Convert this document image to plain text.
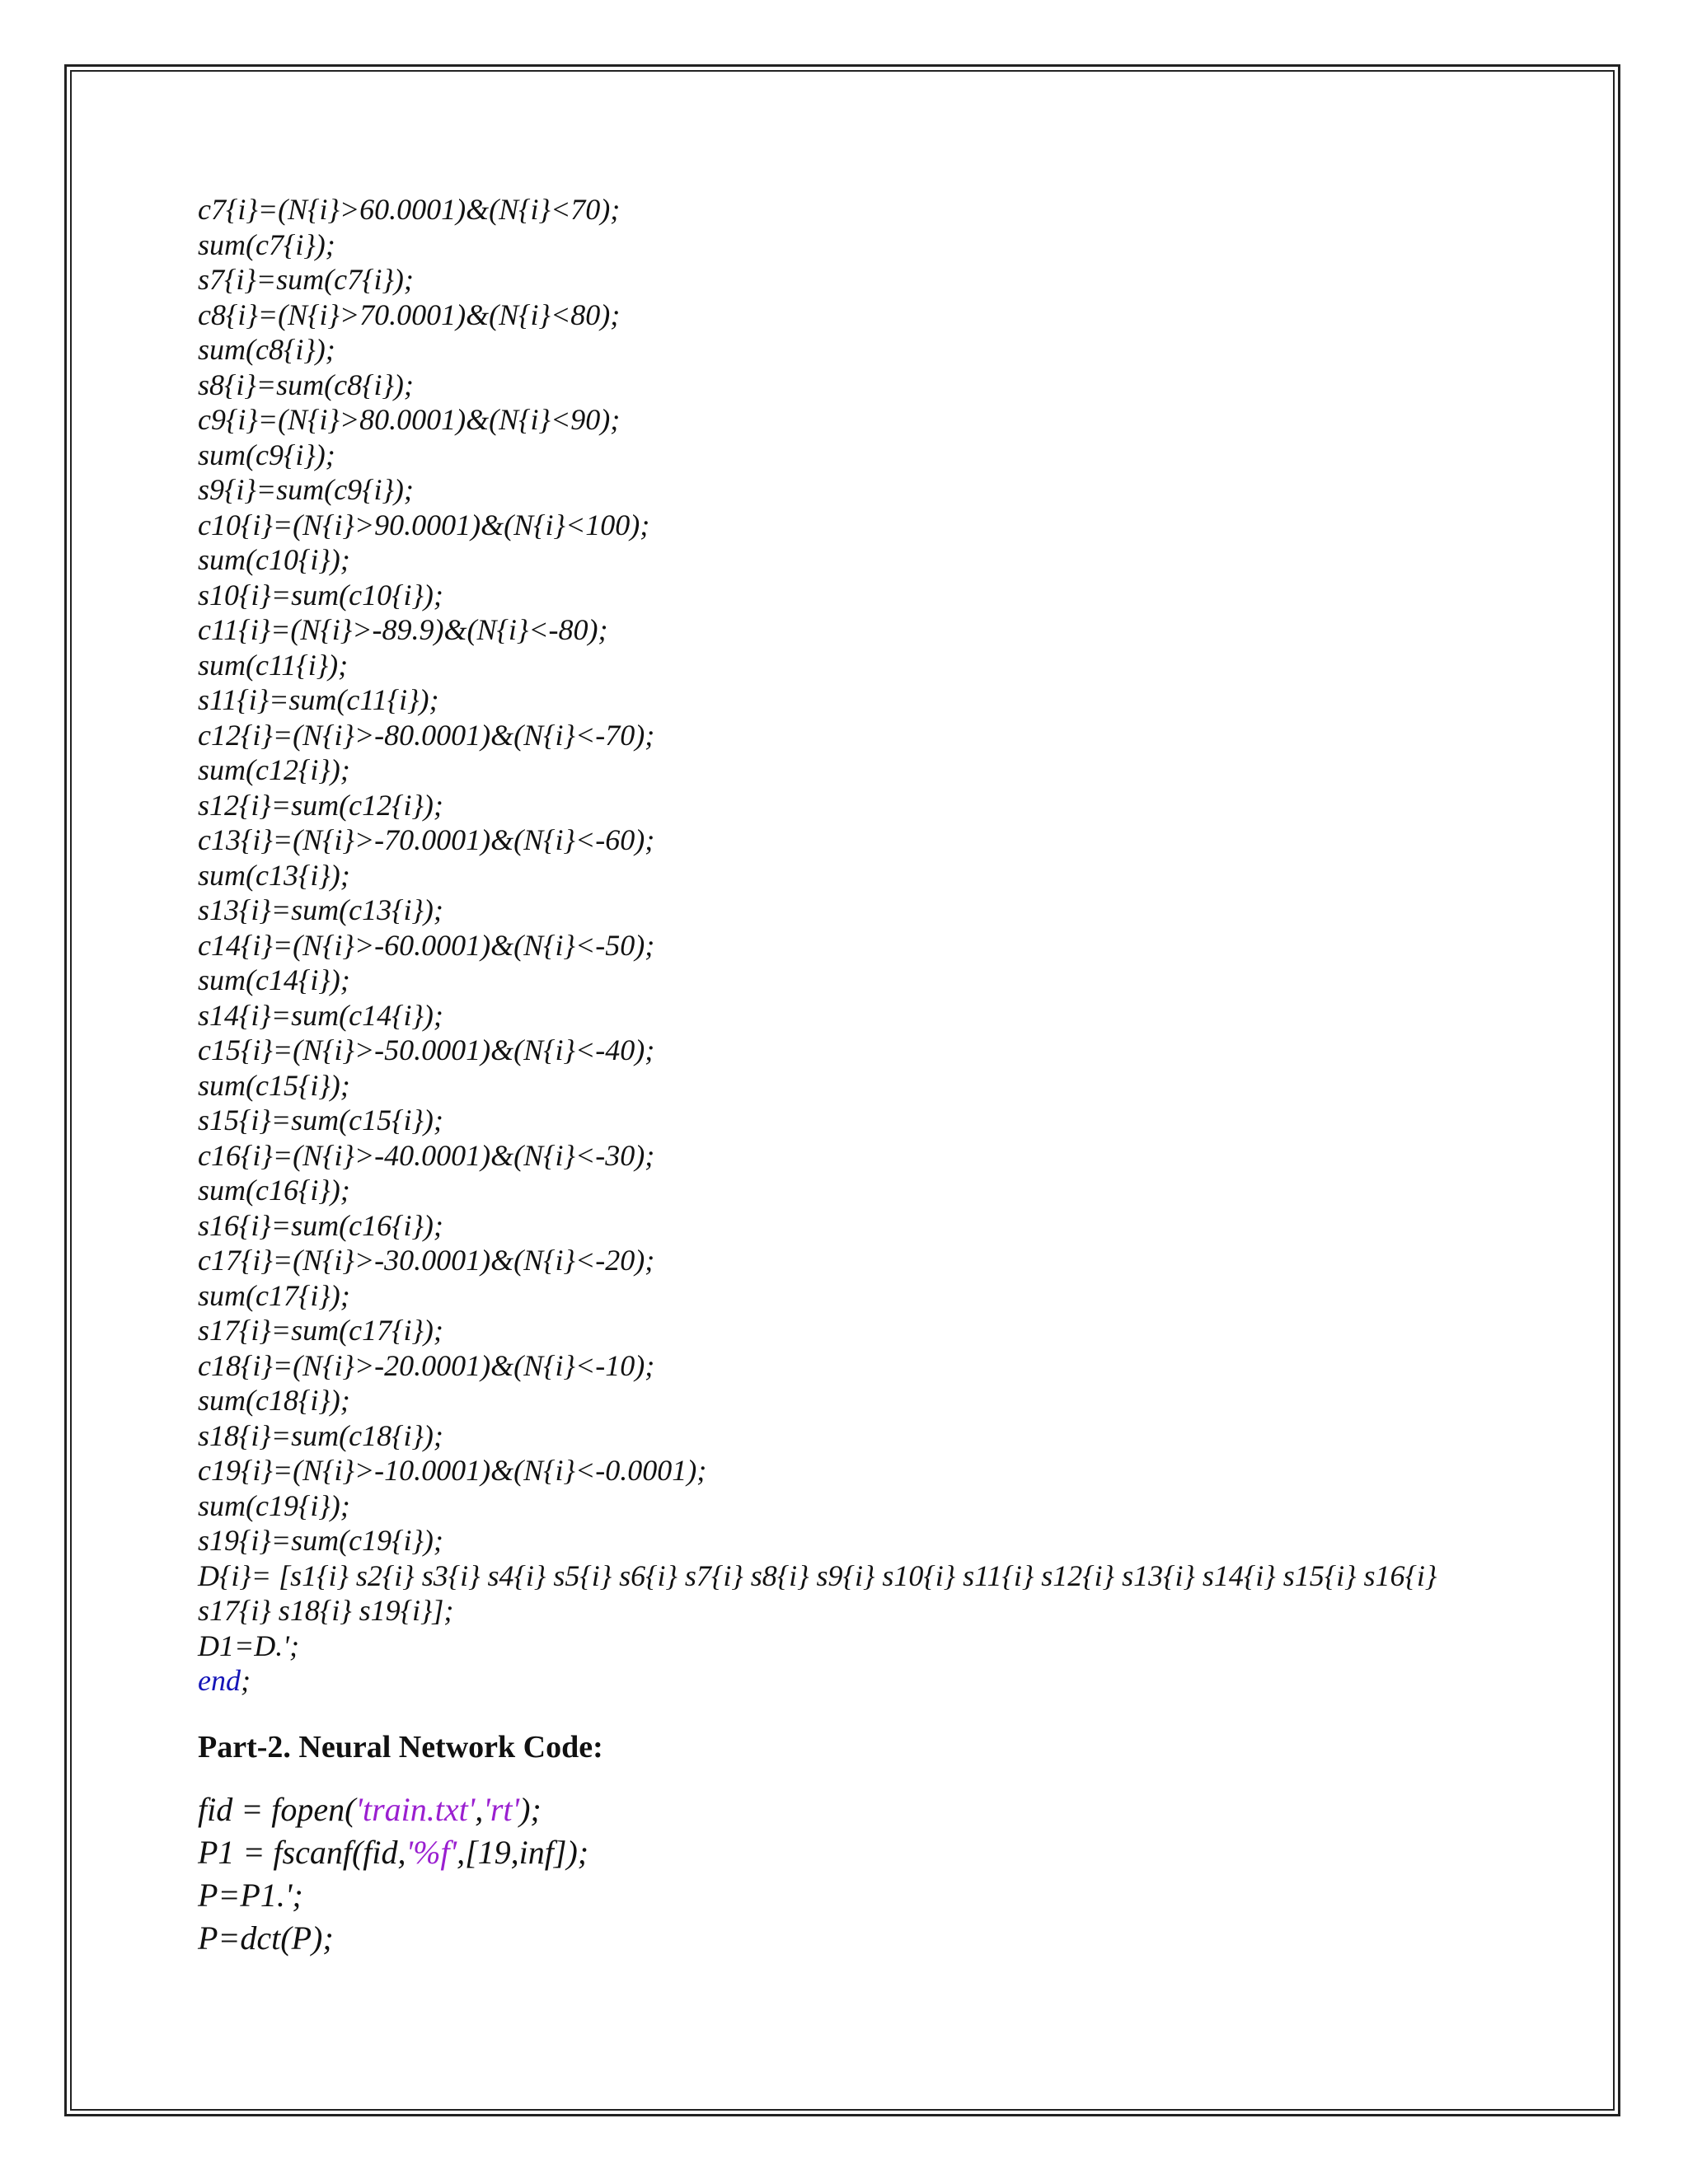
c7{i}=(N{i}>60.0001)&(N{i}<70);
sum(c7{i});
s7{i}=sum(c7{i});
c8{i}=(N{i}>70.0001)&(N{i}<80);
sum(c8{i});
s8{i}=sum(c8{i});
c9{i}=(N{i}>80.0001)&(N{i}<90);
sum(c9{i});
s9{i}=sum(c9{i});
c10{i}=(N{i}>90.0001)&(N{i}<100);
sum(c10{i});
s10{i}=sum(c10{i});
c11{i}=(N{i}>-89.9)&(N{i}<-80);
sum(c11{i});
s11{i}=sum(c11{i});
c12{i}=(N{i}>-80.0001)&(N{i}<-70);
sum(c12{i});
s12{i}=sum(c12{i});
c13{i}=(N{i}>-70.0001)&(N{i}<-60);
sum(c13{i});
s13{i}=sum(c13{i});
c14{i}=(N{i}>-60.0001)&(N{i}<-50);
sum(c14{i});
s14{i}=sum(c14{i});
c15{i}=(N{i}>-50.0001)&(N{i}<-40);
sum(c15{i});
s15{i}=sum(c15{i});
c16{i}=(N{i}>-40.0001)&(N{i}<-30);
sum(c16{i});
s16{i}=sum(c16{i});
c17{i}=(N{i}>-30.0001)&(N{i}<-20);
sum(c17{i});
s17{i}=sum(c17{i});
c18{i}=(N{i}>-20.0001)&(N{i}<-10);
sum(c18{i});
s18{i}=sum(c18{i});
c19{i}=(N{i}>-10.0001)&(N{i}<-0.0001);
sum(c19{i});
s19{i}=sum(c19{i});
D{i}= [s1{i} s2{i} s3{i} s4{i} s5{i} s6{i} s7{i} s8{i} s9{i} s10{i} s11{i} s12{i} s13{i} s14{i} s15{i} s16{i}
s17{i} s18{i} s19{i}];
D1=D.';
end;
Part-2. Neural Network Code:
fid = fopen('train.txt','rt');
P1 = fscanf(fid,'%f',[19,inf]);
P=P1.';
P=dct(P);
